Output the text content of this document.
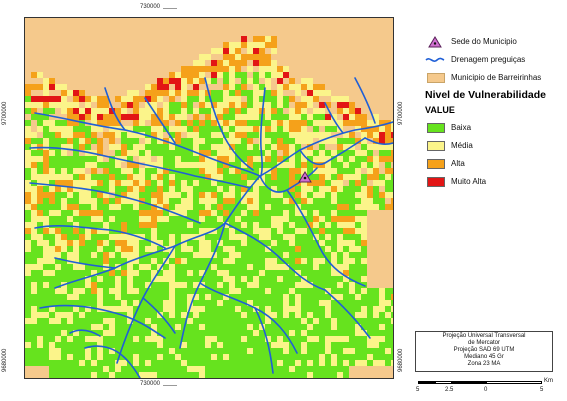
730000
730000
9700000
9680000
9700000
9680000
Sede do Municipio
Drenagem preguiças
Municipio de Barreirinhas
Nivel de Vulnerabilidade
VALUE
Baixa
Média
Alta
Muito Alta
Projeção Universal Transversal
de Mercator
Projeção SAD 69 UTM
Mediano 45 Gr
Zona 23 MA
5	2.5	0	5
Km
